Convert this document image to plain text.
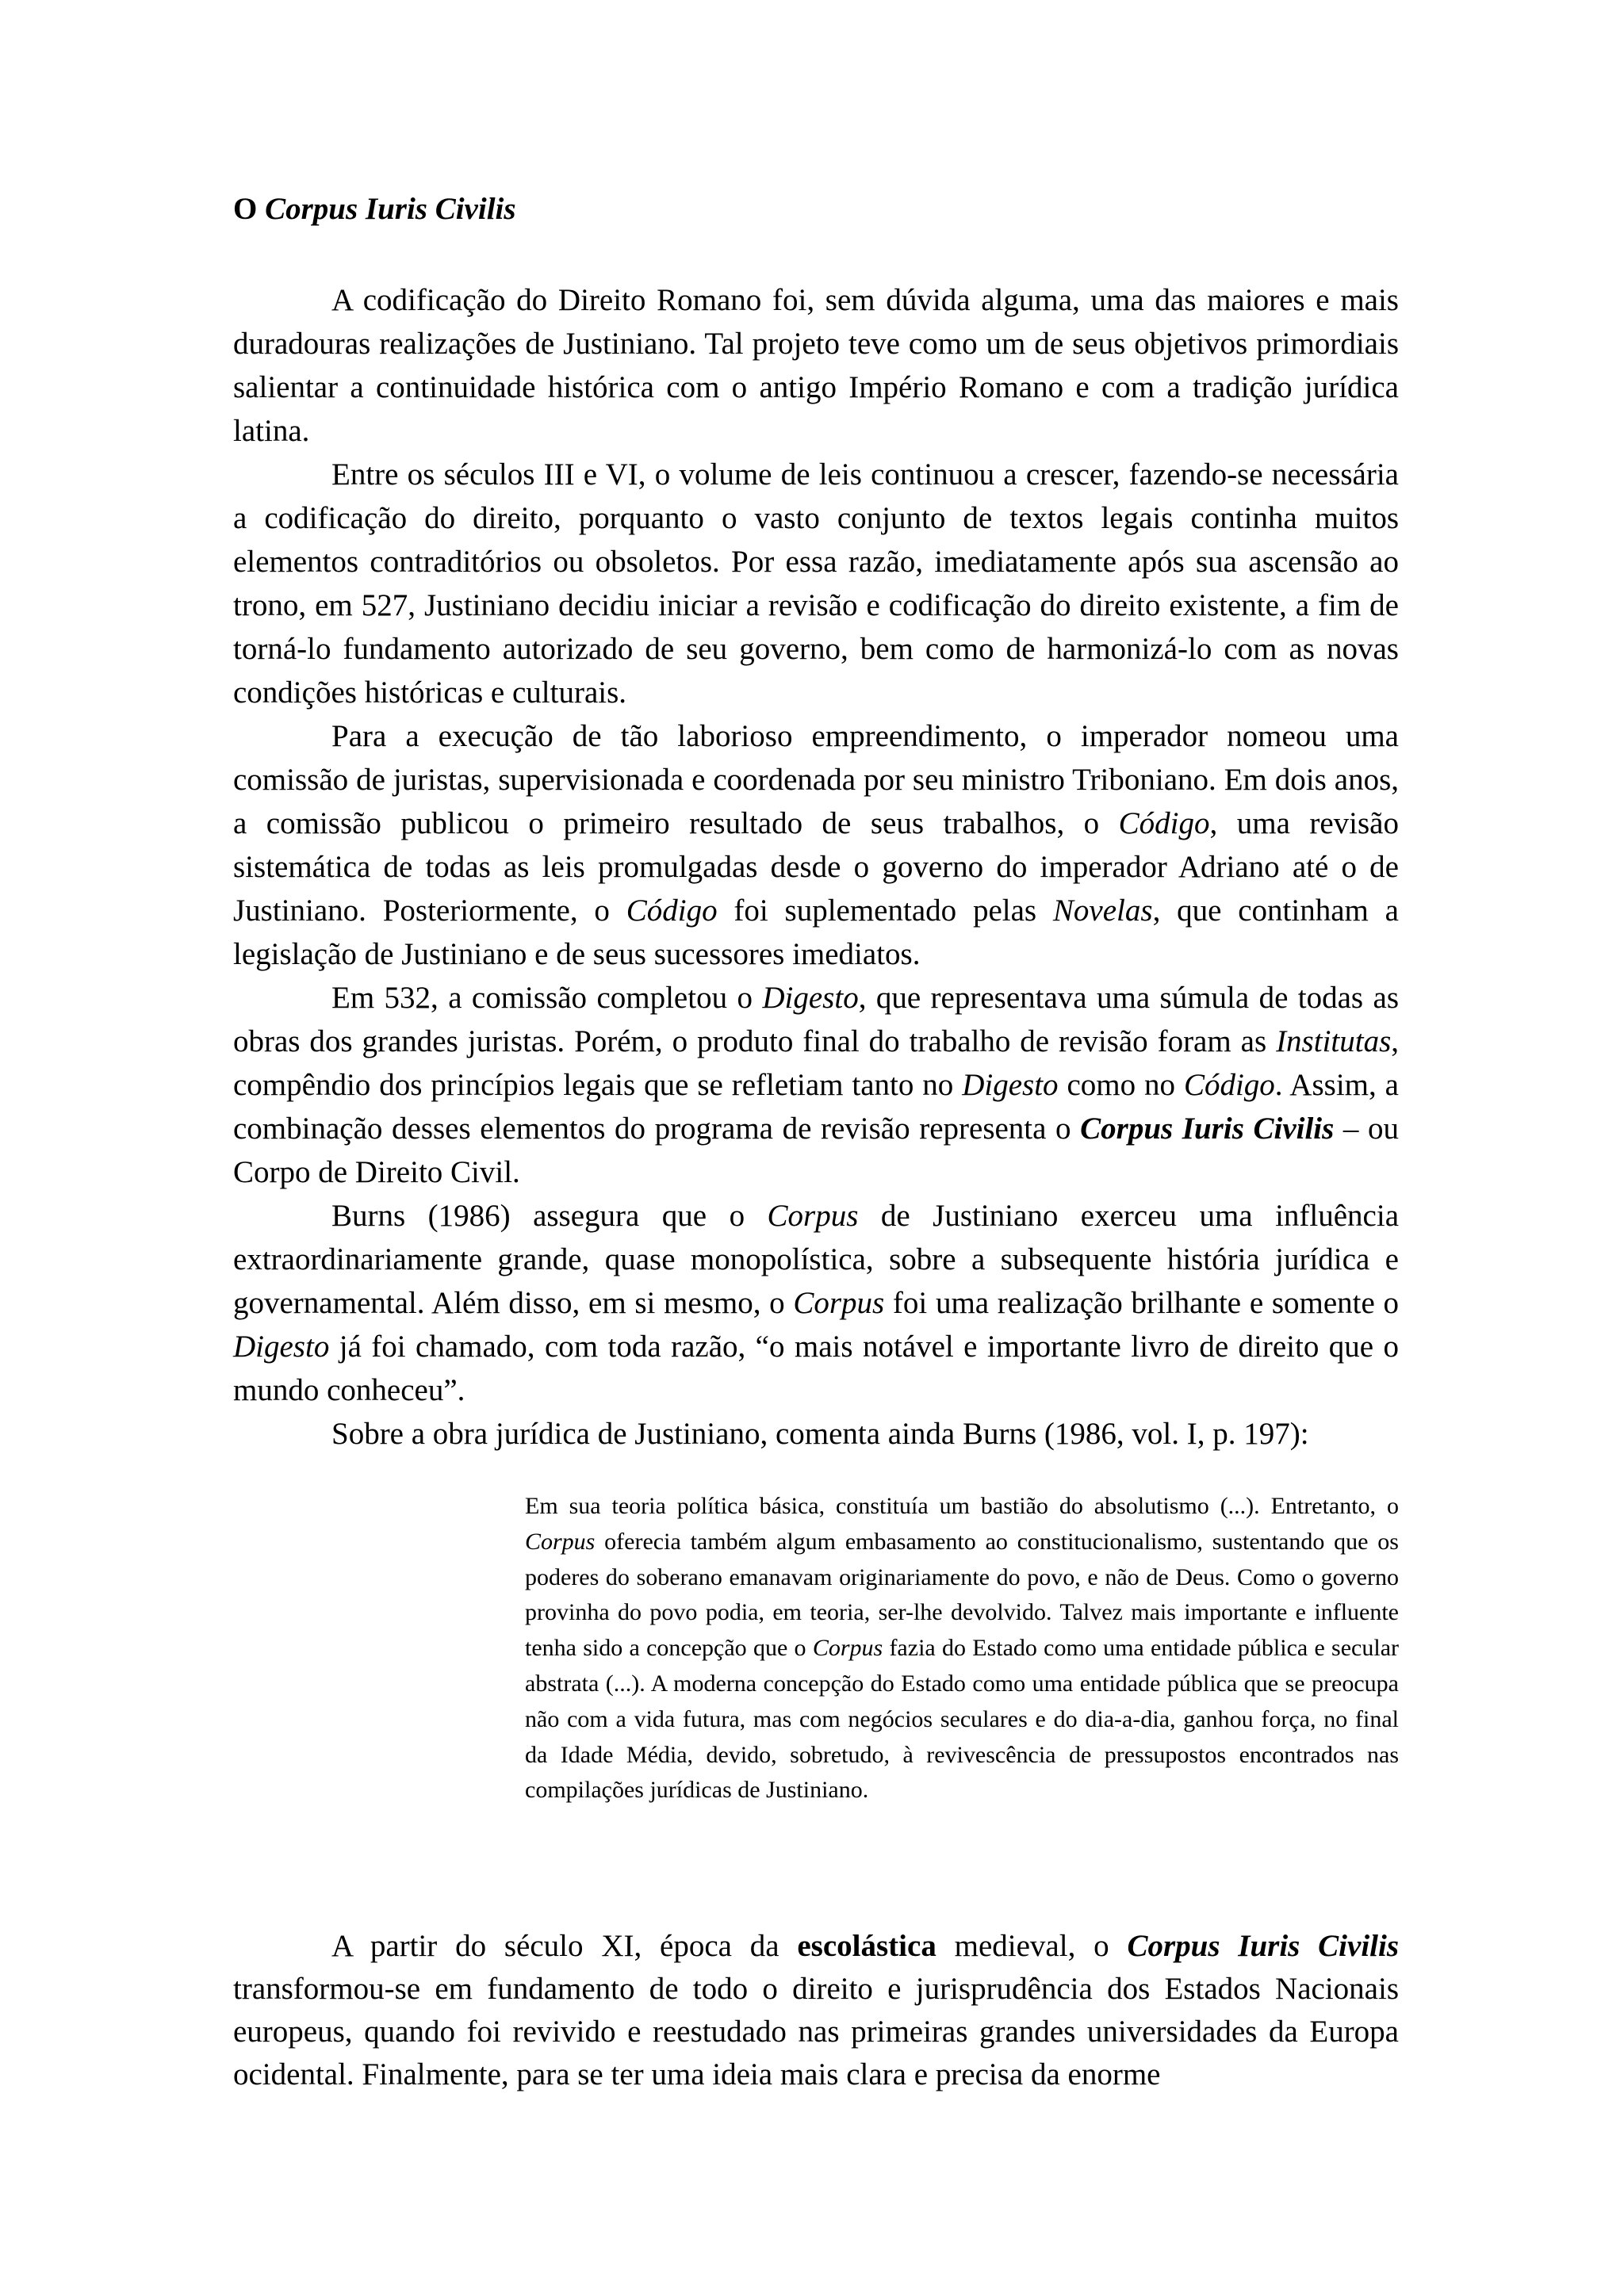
O Corpus Iuris Civilis

A codificação do Direito Romano foi, sem dúvida alguma, uma das maiores e mais duradouras realizações de Justiniano. Tal projeto teve como um de seus objetivos primordiais salientar a continuidade histórica com o antigo Império Romano e com a tradição jurídica latina.

Entre os séculos III e VI, o volume de leis continuou a crescer, fazendo-se necessária a codificação do direito, porquanto o vasto conjunto de textos legais continha muitos elementos contraditórios ou obsoletos. Por essa razão, imediatamente após sua ascensão ao trono, em 527, Justiniano decidiu iniciar a revisão e codificação do direito existente, a fim de torná-lo fundamento autorizado de seu governo, bem como de harmonizá-lo com as novas condições históricas e culturais.

Para a execução de tão laborioso empreendimento, o imperador nomeou uma comissão de juristas, supervisionada e coordenada por seu ministro Triboniano. Em dois anos, a comissão publicou o primeiro resultado de seus trabalhos, o Código, uma revisão sistemática de todas as leis promulgadas desde o governo do imperador Adriano até o de Justiniano. Posteriormente, o Código foi suplementado pelas Novelas, que continham a legislação de Justiniano e de seus sucessores imediatos.

Em 532, a comissão completou o Digesto, que representava uma súmula de todas as obras dos grandes juristas. Porém, o produto final do trabalho de revisão foram as Institutas, compêndio dos princípios legais que se refletiam tanto no Digesto como no Código. Assim, a combinação desses elementos do programa de revisão representa o Corpus Iuris Civilis – ou Corpo de Direito Civil.

Burns (1986) assegura que o Corpus de Justiniano exerceu uma influência extraordinariamente grande, quase monopolística, sobre a subsequente história jurídica e governamental. Além disso, em si mesmo, o Corpus foi uma realização brilhante e somente o Digesto já foi chamado, com toda razão, “o mais notável e importante livro de direito que o mundo conheceu”.

Sobre a obra jurídica de Justiniano, comenta ainda Burns (1986, vol. I, p. 197):

Em sua teoria política básica, constituía um bastião do absolutismo (...). Entretanto, o Corpus oferecia também algum embasamento ao constitucionalismo, sustentando que os poderes do soberano emanavam originariamente do povo, e não de Deus. Como o governo provinha do povo podia, em teoria, ser-lhe devolvido. Talvez mais importante e influente tenha sido a concepção que o Corpus fazia do Estado como uma entidade pública e secular abstrata (...). A moderna concepção do Estado como uma entidade pública que se preocupa não com a vida futura, mas com negócios seculares e do dia-a-dia, ganhou força, no final da Idade Média, devido, sobretudo, à revivescência de pressupostos encontrados nas compilações jurídicas de Justiniano.

A partir do século XI, época da escolástica medieval, o Corpus Iuris Civilis transformou-se em fundamento de todo o direito e jurisprudência dos Estados Nacionais europeus, quando foi revivido e reestudado nas primeiras grandes universidades da Europa ocidental. Finalmente, para se ter uma ideia mais clara e precisa da enorme
